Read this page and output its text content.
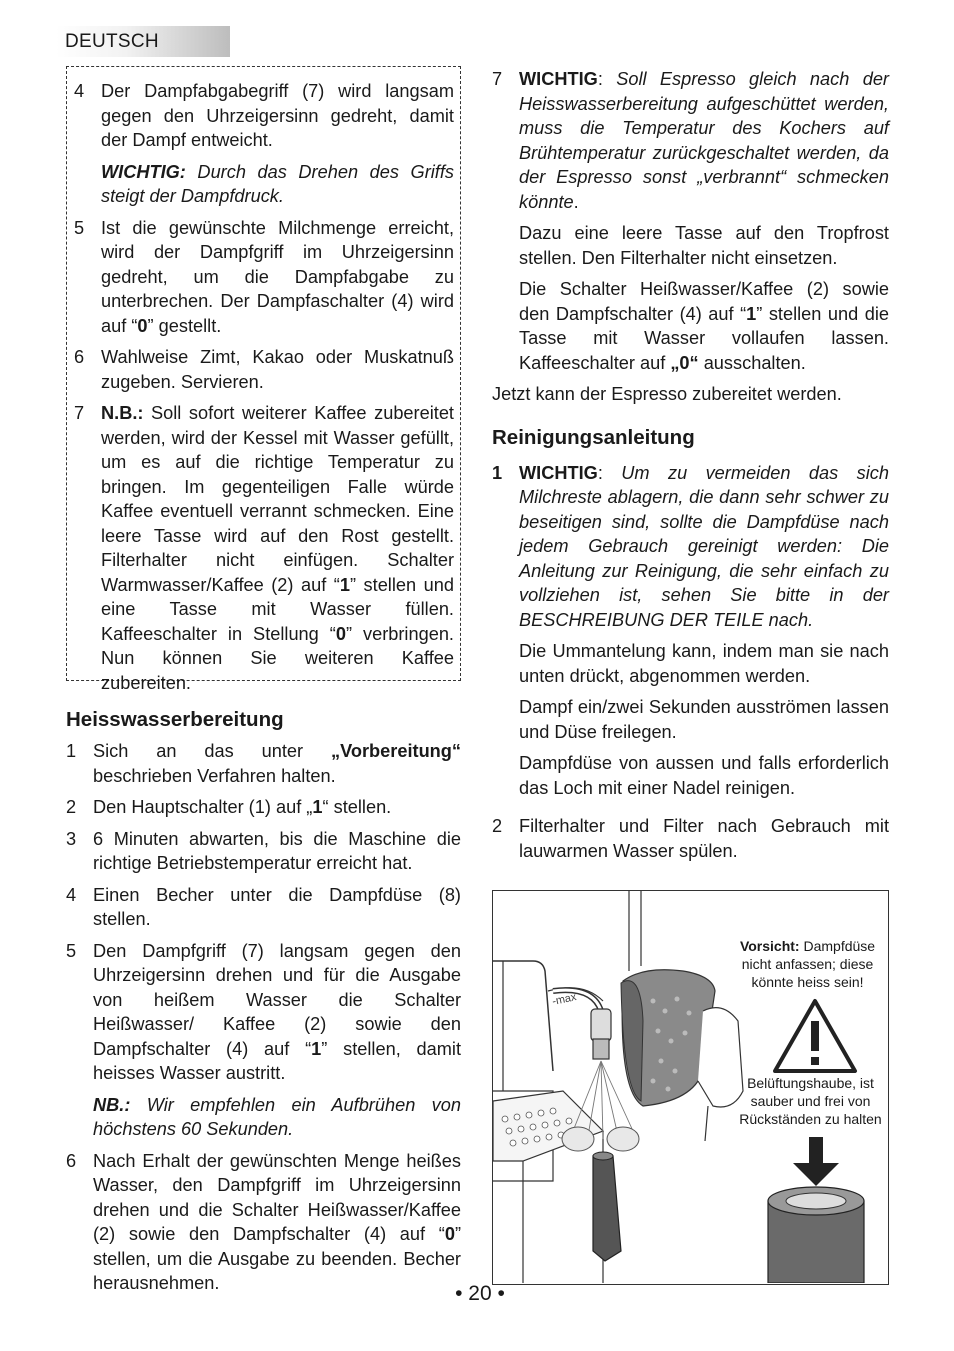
DEUTSCH
4 Der Dampfabgabegriff (7) wird langsam gegen den Uhrzeigersinn gedreht, damit der Dampf entweicht.
WICHTIG: Durch das Drehen des Griffs steigt der Dampfdruck.
5 Ist die gewünschte Milchmenge erreicht, wird der Dampfgriff im Uhrzeigersinn gedreht, um die Dampfabgabe zu unterbrechen. Der Dampfaschalter (4) wird auf “0” gestellt.
6 Wahlweise Zimt, Kakao oder Muskatnuß zugeben. Servieren.
7 N.B.: Soll sofort weiterer Kaffee zubereitet werden, wird der Kessel mit Wasser gefüllt, um es auf die richtige Temperatur zu bringen. Im gegenteiligen Falle würde Kaffee eventuell verrannt schmecken. Eine leere Tasse wird auf den Rost gestellt. Filterhalter nicht einfügen. Schalter Warmwasser/Kaffee (2) auf “1” stellen und eine Tasse mit Wasser füllen. Kaffeeschalter in Stellung “0” verbringen. Nun können Sie weiteren Kaffee zubereiten.
Heisswasserbereitung
1 Sich an das unter „Vorbereitung“ beschrieben Verfahren halten.
2 Den Hauptschalter (1) auf „1“ stellen.
3 6 Minuten abwarten, bis die Maschine die richtige Betriebstemperatur erreicht hat.
4 Einen Becher unter die Dampfdüse (8) stellen.
5 Den Dampfgriff (7) langsam gegen den Uhrzeigersinn drehen und für die Ausgabe von heißem Wasser die Schalter Heißwasser/ Kaffee (2) sowie den Dampfschalter (4) auf “1” stellen, damit heisses Wasser austritt.
NB.: Wir empfehlen ein Aufbrühen von höchstens 60 Sekunden.
6 Nach Erhalt der gewünschten Menge heißes Wasser, den Dampfgriff im Uhrzeigersinn drehen und die Schalter Heißwasser/Kaffee (2) sowie den Dampfschalter (4) auf “0” stellen, um die Ausgabe zu beenden. Becher herausnehmen.
7 WICHTIG: Soll Espresso gleich nach der Heisswasserbereitung aufgeschüttet werden, muss die Temperatur des Kochers auf Brühtemperatur zurückgeschaltet werden, da der Espresso sonst „verbrannt“ schmecken könnte.
Dazu eine leere Tasse auf den Tropfrost stellen. Den Filterhalter nicht einsetzen.
Die Schalter Heißwasser/Kaffee (2) sowie den Dampfschalter (4) auf “1” stellen und die Tasse mit Wasser vollaufen lassen. Kaffeeschalter auf „0“ ausschalten.
Jetzt kann der Espresso zubereitet werden.
Reinigungsanleitung
1 WICHTIG: Um zu vermeiden das sich Milchreste ablagern, die dann sehr schwer zu beseitigen sind, sollte die Dampfdüse nach jedem Gebrauch gereinigt werden: Die Anleitung zur Reinigung, die sehr einfach zu vollziehen ist, sehen Sie bitte in der BESCHREIBUNG DER TEILE nach.
Die Ummantelung kann, indem man sie nach unten drückt, abgenommen werden.
Dampf ein/zwei Sekunden ausströmen lassen und Düse freilegen.
Dampfdüse von aussen und falls erforderlich das Loch mit einer Nadel reinigen.
2 Filterhalter und Filter nach Gebrauch mit lauwarmen Wasser spülen.
-max
Vorsicht: Dampfdüse nicht anfassen; diese könnte heiss sein!
Belüftungshaube, ist sauber und frei von Rückständen zu halten
• 20 •
